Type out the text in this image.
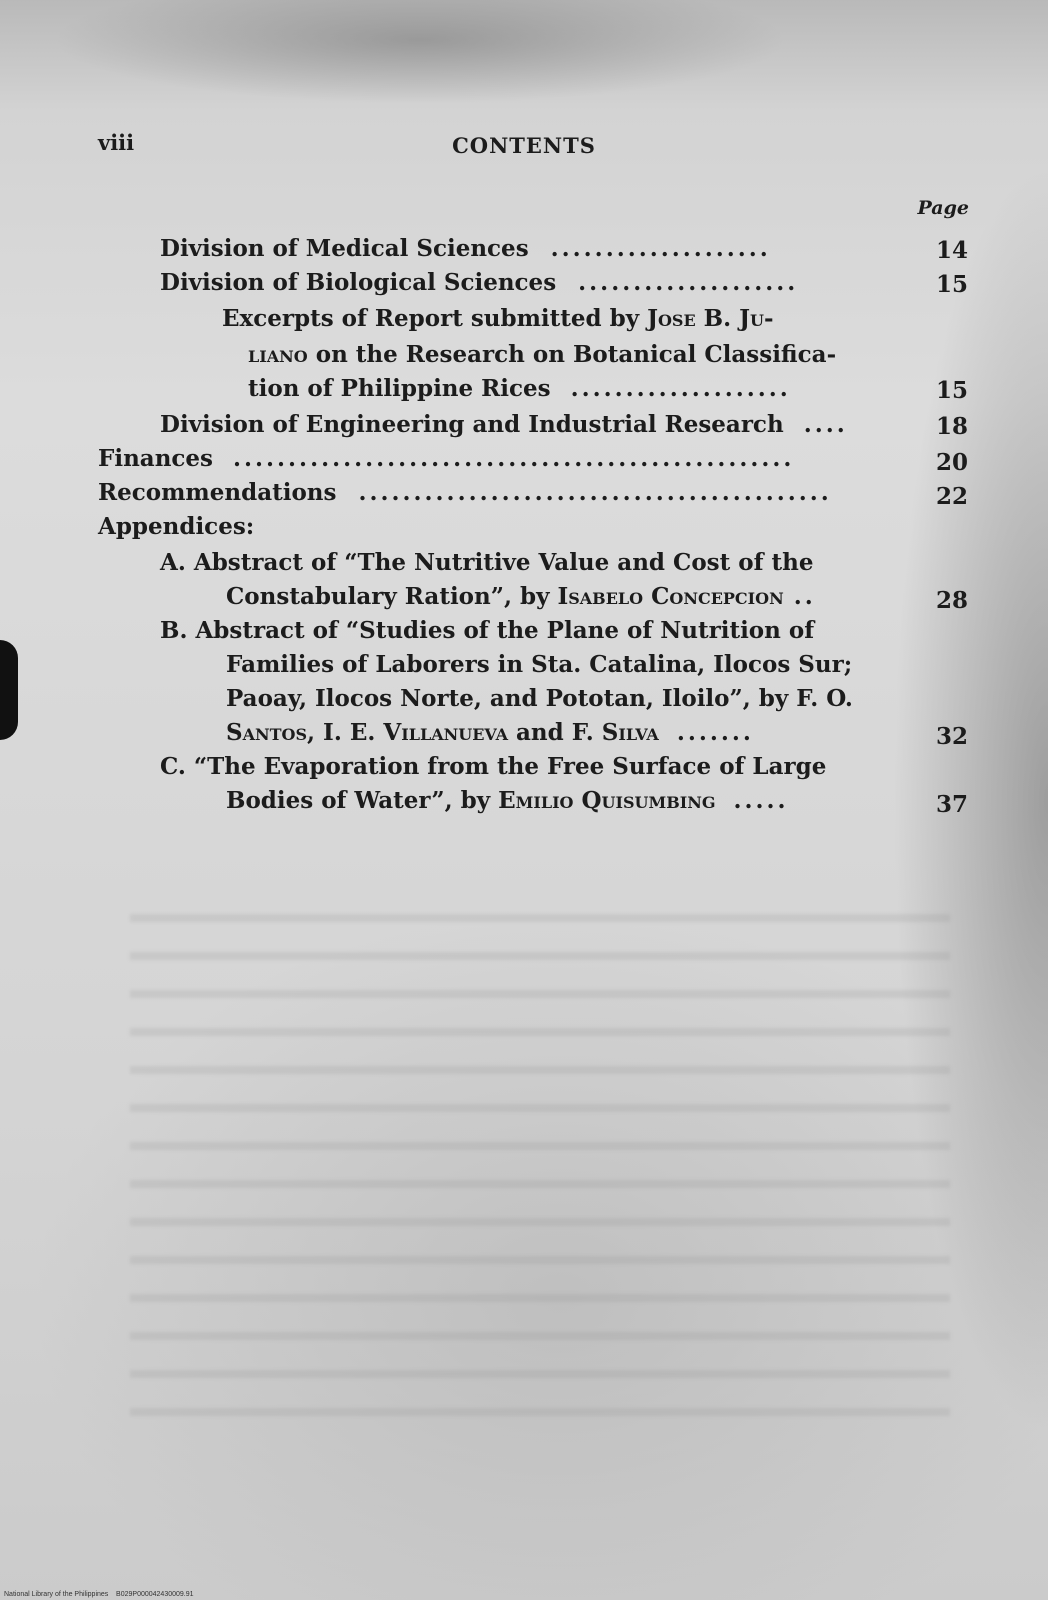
viii	CONTENTS
Page
Division of Medical Sciences ....................	14
Division of Biological Sciences ....................	15
Excerpts of Report submitted by Jose B. Ju-
liano on the Research on Botanical Classifica-
tion of Philippine Rices ....................	15
Division of Engineering and Industrial Research ....	18
Finances ...................................................	20
Recommendations ...........................................	22
Appendices:
A. Abstract of “The Nutritive Value and Cost of the
Constabulary Ration”, by Isabelo Concepcion ..	28
B. Abstract of “Studies of the Plane of Nutrition of
Families of Laborers in Sta. Catalina, Ilocos Sur;
Paoay, Ilocos Norte, and Pototan, Iloilo”, by F. O.
Santos, I. E. Villanueva and F. Silva .......	32
C. “The Evaporation from the Free Surface of Large
Bodies of Water”, by Emilio Quisumbing .....	37
National Library of the Philippines    B029P000042430009.91
